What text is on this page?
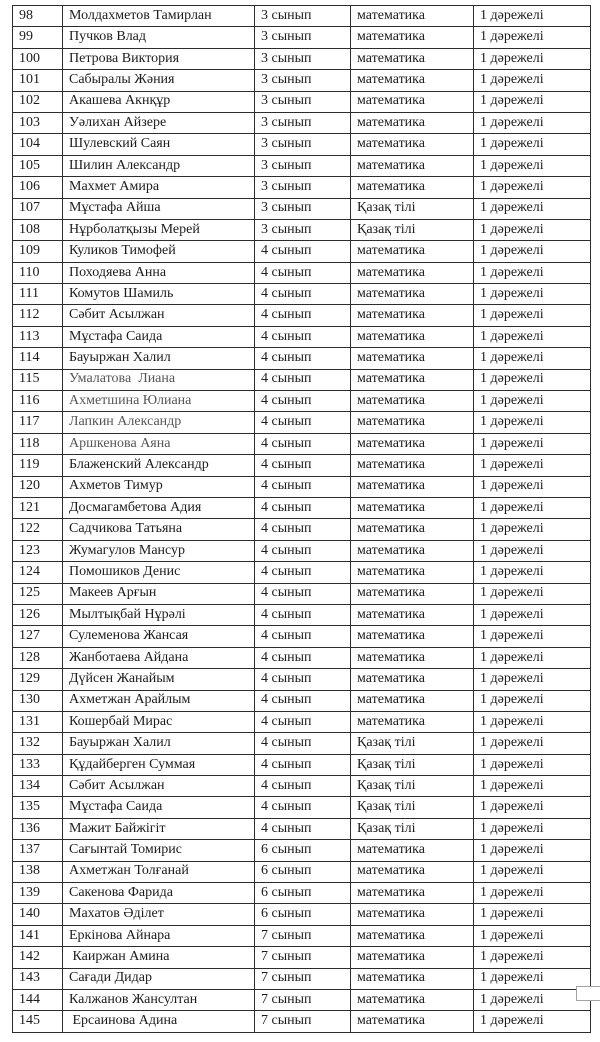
98	Молдахметов Тамирлан	3 сынып	математика	1 дәрежелі
99	Пучков Влад	3 сынып	математика	1 дәрежелі
100	Петрова Виктория	3 сынып	математика	1 дәрежелі
101	Сабыралы Жәния	3 сынып	математика	1 дәрежелі
102	Акашева Акнқұр	3 сынып	математика	1 дәрежелі
103	Уәлихан Айзере	3 сынып	математика	1 дәрежелі
104	Шулевский Саян	3 сынып	математика	1 дәрежелі
105	Шилин Александр	3 сынып	математика	1 дәрежелі
106	Махмет Амира	3 сынып	математика	1 дәрежелі
107	Мұстафа Айша	3 сынып	Қазақ тілі	1 дәрежелі
108	Нұрболатқызы Мерей	3 сынып	Қазақ тілі	1 дәрежелі
109	Куликов Тимофей	4 сынып	математика	1 дәрежелі
110	Походяева Анна	4 сынып	математика	1 дәрежелі
111	Комутов Шамиль	4 сынып	математика	1 дәрежелі
112	Сәбит Асылжан	4 сынып	математика	1 дәрежелі
113	Мұстафа Саида	4 сынып	математика	1 дәрежелі
114	Бауыржан Халил	4 сынып	математика	1 дәрежелі
115	Умалатова  Лиана	4 сынып	математика	1 дәрежелі
116	Ахметшина Юлиана	4 сынып	математика	1 дәрежелі
117	Лапкин Александр	4 сынып	математика	1 дәрежелі
118	Аршкенова Аяна	4 сынып	математика	1 дәрежелі
119	Блаженский Александр	4 сынып	математика	1 дәрежелі
120	Ахметов Тимур	4 сынып	математика	1 дәрежелі
121	Досмагамбетова Адия	4 сынып	математика	1 дәрежелі
122	Садчикова Татьяна	4 сынып	математика	1 дәрежелі
123	Жумагулов Мансур	4 сынып	математика	1 дәрежелі
124	Помошиков Денис	4 сынып	математика	1 дәрежелі
125	Макеев Арғын	4 сынып	математика	1 дәрежелі
126	Мылтықбай Нұрәлі	4 сынып	математика	1 дәрежелі
127	Сулеменова Жансая	4 сынып	математика	1 дәрежелі
128	Жанботаева Айдана	4 сынып	математика	1 дәрежелі
129	Дүйсен Жанайым	4 сынып	математика	1 дәрежелі
130	Ахметжан Арайлым	4 сынып	математика	1 дәрежелі
131	Кошербай Мирас	4 сынып	математика	1 дәрежелі
132	Бауыржан Халил	4 сынып	Қазақ тілі	1 дәрежелі
133	Құдайберген Суммая	4 сынып	Қазақ тілі	1 дәрежелі
134	Сәбит Асылжан	4 сынып	Қазақ тілі	1 дәрежелі
135	Мұстафа Саида	4 сынып	Қазақ тілі	1 дәрежелі
136	Мажит Байжігіт	4 сынып	Қазақ тілі	1 дәрежелі
137	Сағынтай Томирис	6 сынып	математика	1 дәрежелі
138	Ахметжан Толғанай	6 сынып	математика	1 дәрежелі
139	Сакенова Фарида	6 сынып	математика	1 дәрежелі
140	Махатов Әділет	6 сынып	математика	1 дәрежелі
141	Еркінова Айнара	7 сынып	математика	1 дәрежелі
142	Каиржан Амина	7 сынып	математика	1 дәрежелі
143	Сағади Дидар	7 сынып	математика	1 дәрежелі
144	Калжанов Жансултан	7 сынып	математика	1 дәрежелі
145	Ерсаинова Адина	7 сынып	математика	1 дәрежелі
